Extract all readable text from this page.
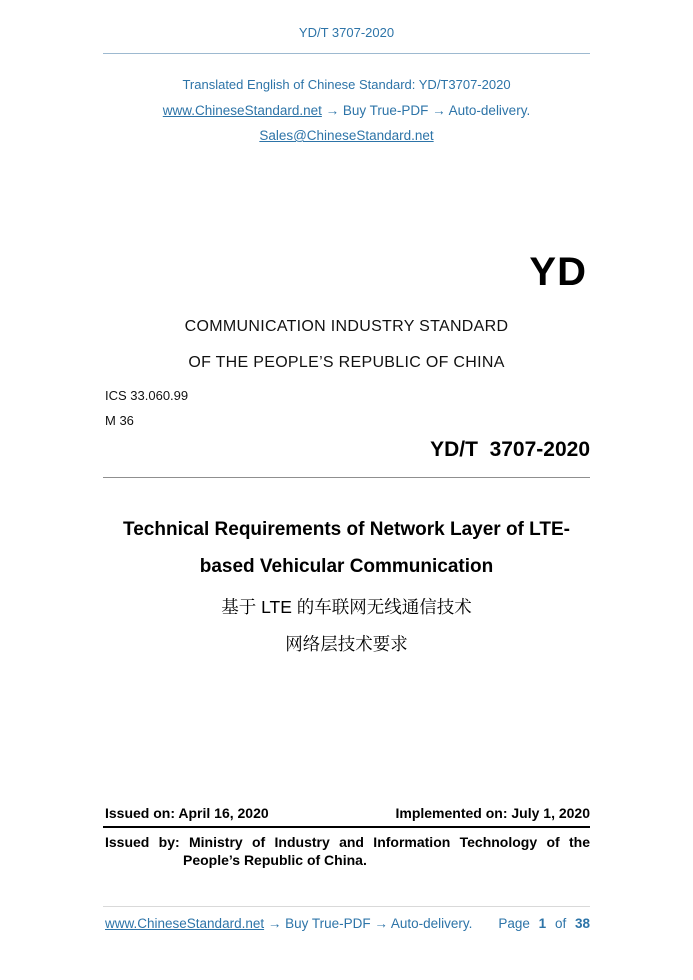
YD/T 3707-2020
Translated English of Chinese Standard: YD/T3707-2020
www.ChineseStandard.net → Buy True-PDF → Auto-delivery.
Sales@ChineseStandard.net
YD
COMMUNICATION INDUSTRY STANDARD
OF THE PEOPLE’S REPUBLIC OF CHINA
ICS 33.060.99
M 36
YD/T  3707-2020
Technical Requirements of Network Layer of LTE-
based Vehicular Communication
基于 LTE 的车联网无线通信技术
网络层技术要求
Issued on: April 16, 2020	Implemented on: July 1, 2020
Issued by: Ministry of Industry and Information Technology of the
People’s Republic of China.
www.ChineseStandard.net → Buy True-PDF → Auto-delivery. Page 1 of 38
